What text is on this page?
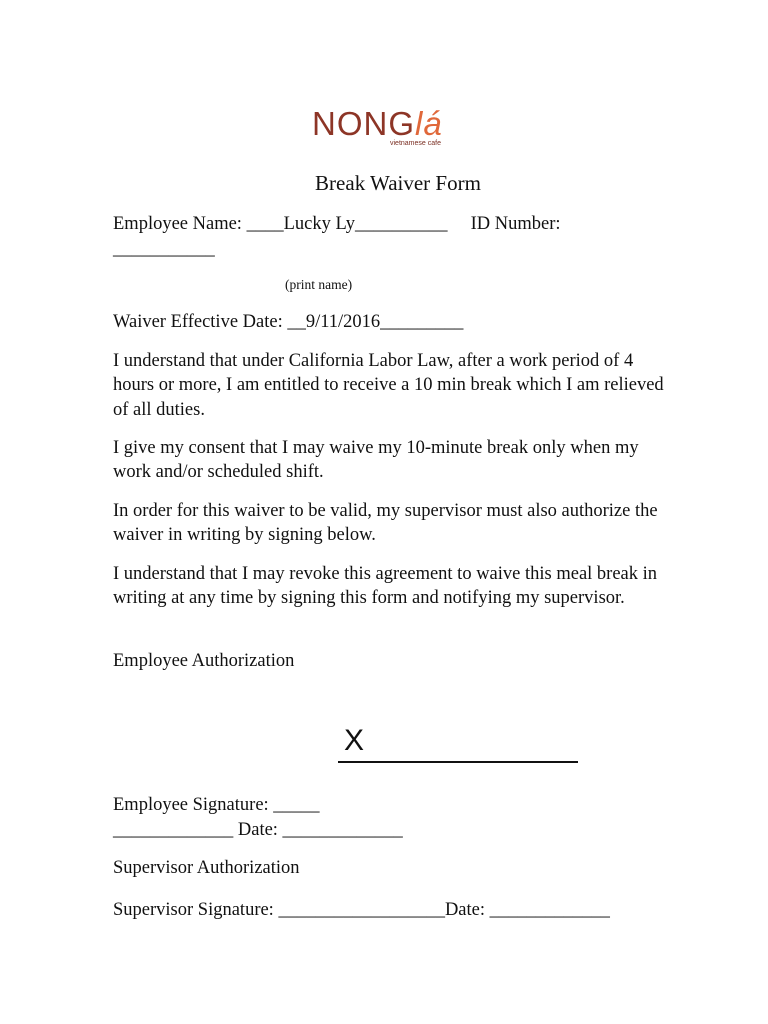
NONGlá
vietnamese cafe
Break Waiver Form
Employee Name: ____Lucky Ly__________ ID Number:
___________
(print name)
Waiver Effective Date: __9/11/2016_________
I understand that under California Labor Law, after a work period of 4 hours or more, I am entitled to receive a 10 min break which I am relieved of all duties.
I give my consent that I may waive my 10-minute break only when my work and/or scheduled shift.
In order for this waiver to be valid, my supervisor must also authorize the waiver in writing by signing below.
I understand that I may revoke this agreement to waive this meal break in writing at any time by signing this form and notifying my supervisor.
Employee Authorization
X
Employee Signature: _____
_____________ Date: _____________
Supervisor Authorization
Supervisor Signature: __________________Date: _____________
